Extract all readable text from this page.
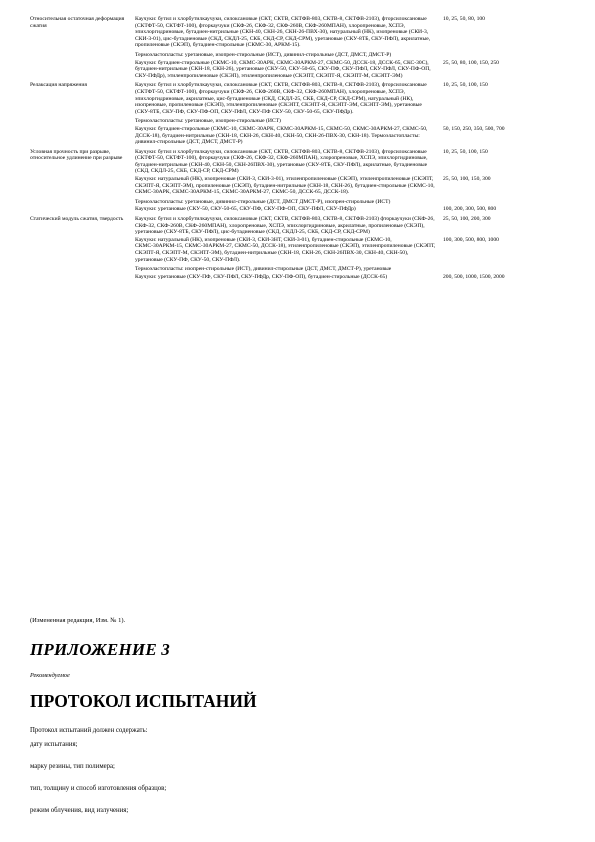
Относительная остаточная деформация сжатия	Каучуки: бутил и хлорбутилкаучуки, силоксановые (СКТ, СКТВ, СКТФВ-803, СКТВ-8, СКТФВ-2103), фторсилоксановые (СКТФТ-50, СКТФТ-100), фторкаучуки (СКФ-26, СКФ-32, СКФ-260В, СКФ-260МПАН), хлоропреновые, ХСПЭ, эпихлоргидриновые, бутадиен-нитрильные (СКН-40, СКН-26, СКН-26-ПВХ-30), натуральный (НК), изопреновые (СКИ-3, СКИ-3-01), цис-бутадиеновые (СКД, СКДЛ-25, СКБ, СКД-СР, СКД-СРМ), уретановые (СКУ-8ТБ, СКУ-ПФЛ), акрилатные, пропиленовые (СКЭП), бутадиен-стирольные (СКМС-30, АРКМ-15).
Термоэластопласты: уретановые, изопрен-стирольные (ИСТ), дивинил-стирольные (ДСТ, ДМСТ, ДМСТ-Р)	10, 25, 50, 80, 100

	Каучуки: бутадиен-стирольные (СКМС-10, СКМС-30АРК, СКМС-30АРКМ-27, СКМС-50, ДССК-18, ДССК-65, СКС-30С), бутадиен-нитрильные (СКН-18, СКН-26), уретановые (СКУ-50, СКУ-50-65, СКУ-ПФ, СКУ-ПФЛ, СКУ-ПФЛ, СКУ-ПФ-ОП, СКУ-ПФДр), этиленпропиленовые (СКЭП), этиленпропиленовые (СКЭПТ, СКЭПТ-Я, СКЭПТ-М, СКЭПТ-ЭМ)	25, 50, 80, 100, 150, 250
Релаксация напряжения	Каучуки: бутил и хлорбутилкаучуки, силоксановые (СКТ, СКТВ, СКТФВ-803, СКТВ-8, СКТФВ-2103), фторсилоксановые (СКТФТ-50, СКТФТ-100), фторкаучуки (СКФ-26, СКФ-260В, СКФ-32, СКФ-260МПАН), хлоропреновые, ХСПЭ, эпихлоргидриновые, акрилатные, цис-бутадиеновые (СКД, СКДЛ-25, СКБ, СКД-СР, СКД-СРМ), натуральный (НК), изопреновые, пропиленовые (СКЭП), этиленпропиленовые (СКЭПТ, СКЭПТ-Я, СКЭПТ-ЭМ, СКЭПТ-ЭМ), уретановые (СКУ-8ТБ, СКУ-ПФ, СКУ-ПФ-ОП, СКУ-ПФЛ, СКУ-ПФ СКУ-50, СКУ-50-65, СКУ-ПФДр).
Термоэластопласты: уретановые, изопрен-стирольные (ИСТ)	10, 25, 50, 100, 150

	Каучуки: бутадиен-стирольные (СКМС-10, СКМС-30АРК, СКМС-30АРКМ-15, СКМС-50, СКМС-30АРКМ-27, СКМС-50, ДССК-18), бутадиен-нитрильные (СКН-18, СКН-26, СКН-40, СКН-50, СКН-26-ПВХ-30, СКН-18). Термоэластопласты: дивинил-стирольные (ДСТ, ДМСТ, ДМСТ-Р)	50, 150, 250, 350, 500, 700
Условная прочность при разрыве, относительное удлинение при разрыве	Каучуки: бутил и хлорбутилкаучуки, силоксановые (СКТ, СКТВ, СКТФВ-803, СКТВ-8, СКТФВ-2103), фторсилоксановые (СКТФТ-50, СКТФТ-100), фторкаучуки (СКФ-26, СКФ-32, СКФ-260МПАН), хлоропреновые, ХСПЭ, эпихлоргидриновые, бутадиен-нитрильные (СКН-40, СКН-50, СКН-26ПВХ-30), уретановые (СКУ-8ТБ, СКУ-ПФЛ), акрилатные, бутадиеновые (СКД, СКДЛ-25, СКБ, СКД-СР, СКД-СРМ)	10, 25, 50, 100, 150

	Каучуки: натуральный (НК), изопреновые (СКИ-3, СКИ-3-01), этиленпропиленовые (СКЭП), этиленпропиленовые (СКЭПТ, СКЭПТ-Я, СКЭПТ-ЭМ), пропиленовые (СКЭП), бутадиен-нитрильные (СКН-18, СКН-26), бутадиен-стирольные (СКМС-10, СКМС-30АРК, СКМС-30АРКМ-15, СКМС-30АРКМ-27, СКМС-50, ДССК-65, ДССК-18).
Термоэластопласты: уретановые, дивинил-стирольные (ДСТ, ДМСТ ДМСТ-Р), изопрен-стирольные (ИСТ)	25, 50, 100, 150, 300

	Каучуки: уретановые (СКУ-50, СКУ-50-65, СКУ-ПФ, СКУ-ПФ-ОП, СКУ-ПФЛ, СКУ-ПФДр)	100, 200, 300, 500, 800
Статический модуль сжатия, твердость	Каучуки: бутил и хлорбутилкаучуки, силоксановые (СКТ, СКТВ, СКТФВ-803, СКТВ-8, СКТФВ-2103) фторкаучуки (СКФ-26, СКФ-32, СКФ-260В, СКФ-260МПАН), хлоропреновые, ХСПЭ, эпихлоргидриновые, акрилатные, пропиленовые (СКЭП), уретановые (СКУ-8ТБ, СКУ-ПФЛ), цис-бутадиеновые (СКД, СКДЛ-25, СКБ, СКД-СР, СКД-СРМ)	25, 50, 100, 200, 300

	Каучуки: натуральный (НК), изопреновые (СКИ-3, СКИ-3НТ, СКИ-3-01), бутадиен-стирольные (СКМС-10, СКМС-30АРКМ-15, СКМС-30АРКМ-27, СКМС-50, ДССК-18), этиленпропиленовые (СКЭП), этиленпропиленовые (СКЭПТ, СКЭПТ-Я, СКЭПТ-М, СКЭПТ-ЭМ), бутадиен-нитрильные (СКН-18, СКН-26, СКН-26ПВХ-30, СКН-40, СКН-50), уретановые (СКУ-ПФ, СКУ-50, СКУ-ПФЛ).
Термоэластопласты: изопрен-стирольные (ИСТ), дивинил-стирольные (ДСТ, ДМСТ, ДМСТ-Р), уретановые	100, 300, 500, 800, 1000

	Каучуки: уретановые (СКУ-ПФ, СКУ-ПФЛ, СКУ-ПФДр, СКУ-ПФ-ОП), бутадиен-стирольные (ДССК-65)	200, 500, 1000, 1500, 2000
(Измененная редакция, Изм. № 1).
ПРИЛОЖЕНИЕ 3
Рекомендуемое
ПРОТОКОЛ ИСПЫТАНИЙ
Протокол испытаний должен содержать:
дату испытания;
марку резины, тип полимера;
тип, толщину и способ изготовления образцов;
режим облучения, вид излучения;
